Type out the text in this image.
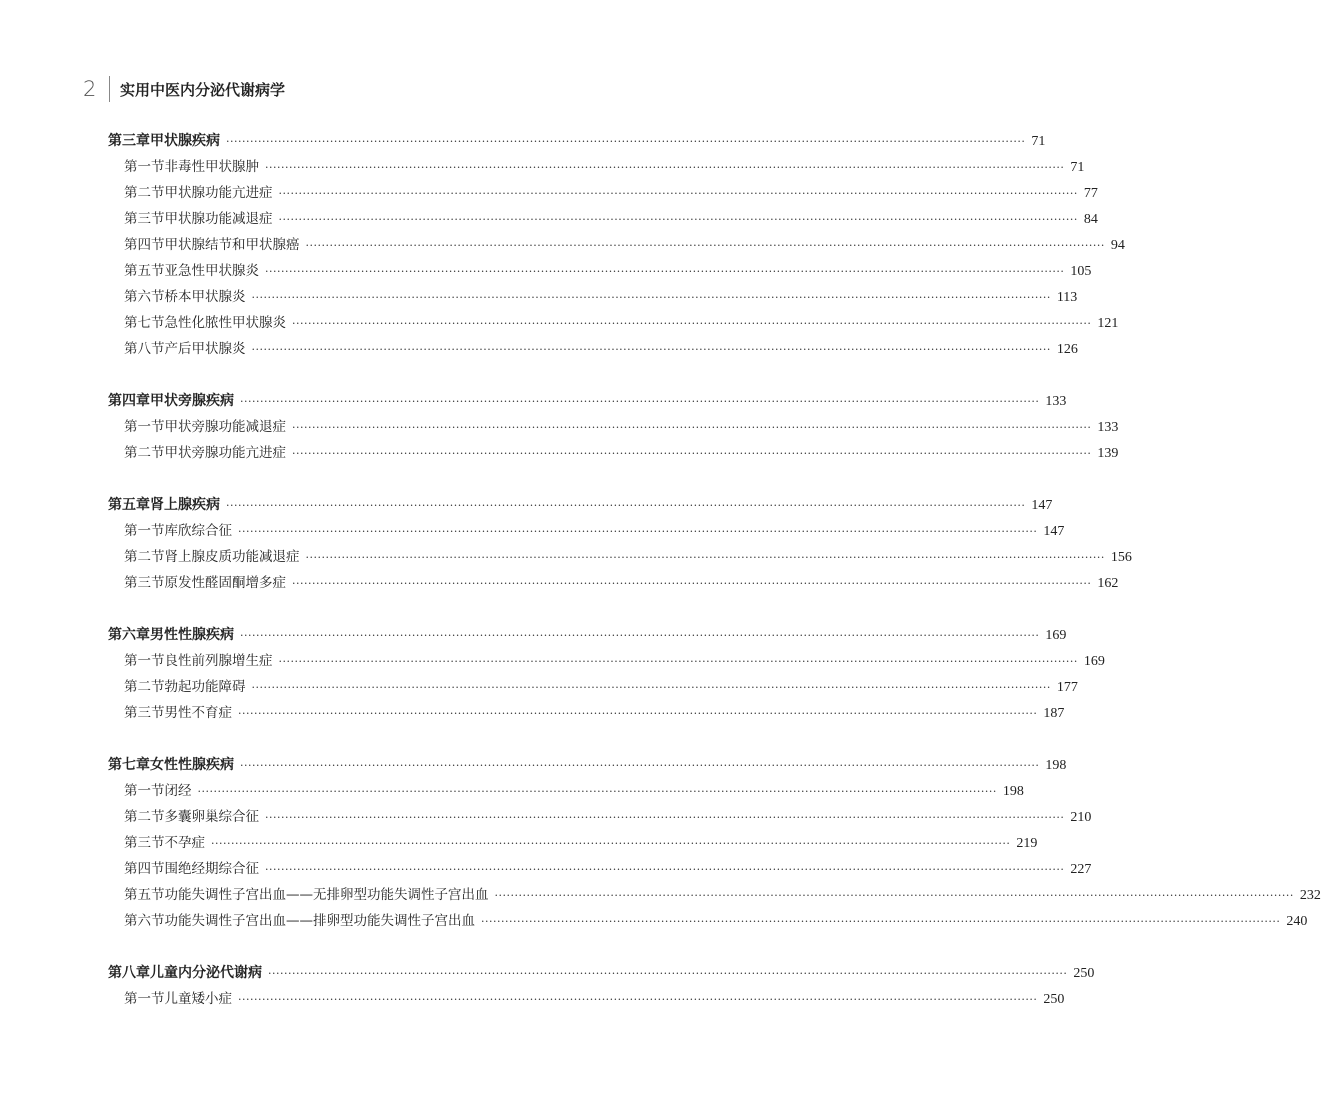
2	实用中医内分泌代谢病学
第三章 甲状腺疾病 ········································································································································································································ 71
第一节 非毒性甲状腺肿 ········································································································································································································ 71
第二节 甲状腺功能亢进症 ········································································································································································································ 77
第三节 甲状腺功能减退症 ········································································································································································································ 84
第四节 甲状腺结节和甲状腺癌 ········································································································································································································ 94
第五节 亚急性甲状腺炎 ········································································································································································································ 105
第六节 桥本甲状腺炎 ········································································································································································································ 113
第七节 急性化脓性甲状腺炎 ········································································································································································································ 121
第八节 产后甲状腺炎 ········································································································································································································ 126
第四章 甲状旁腺疾病 ········································································································································································································ 133
第一节 甲状旁腺功能减退症 ········································································································································································································ 133
第二节 甲状旁腺功能亢进症 ········································································································································································································ 139
第五章 肾上腺疾病 ········································································································································································································ 147
第一节 库欣综合征 ········································································································································································································ 147
第二节 肾上腺皮质功能减退症 ········································································································································································································ 156
第三节 原发性醛固酮增多症 ········································································································································································································ 162
第六章 男性性腺疾病 ········································································································································································································ 169
第一节 良性前列腺增生症 ········································································································································································································ 169
第二节 勃起功能障碍 ········································································································································································································ 177
第三节 男性不育症 ········································································································································································································ 187
第七章 女性性腺疾病 ········································································································································································································ 198
第一节 闭经 ········································································································································································································ 198
第二节 多囊卵巢综合征 ········································································································································································································ 210
第三节 不孕症 ········································································································································································································ 219
第四节 围绝经期综合征 ········································································································································································································ 227
第五节 功能失调性子宫出血——无排卵型功能失调性子宫出血 ········································································································································································································ 232
第六节 功能失调性子宫出血——排卵型功能失调性子宫出血 ········································································································································································································ 240
第八章 儿童内分泌代谢病 ········································································································································································································ 250
第一节 儿童矮小症 ········································································································································································································ 250
